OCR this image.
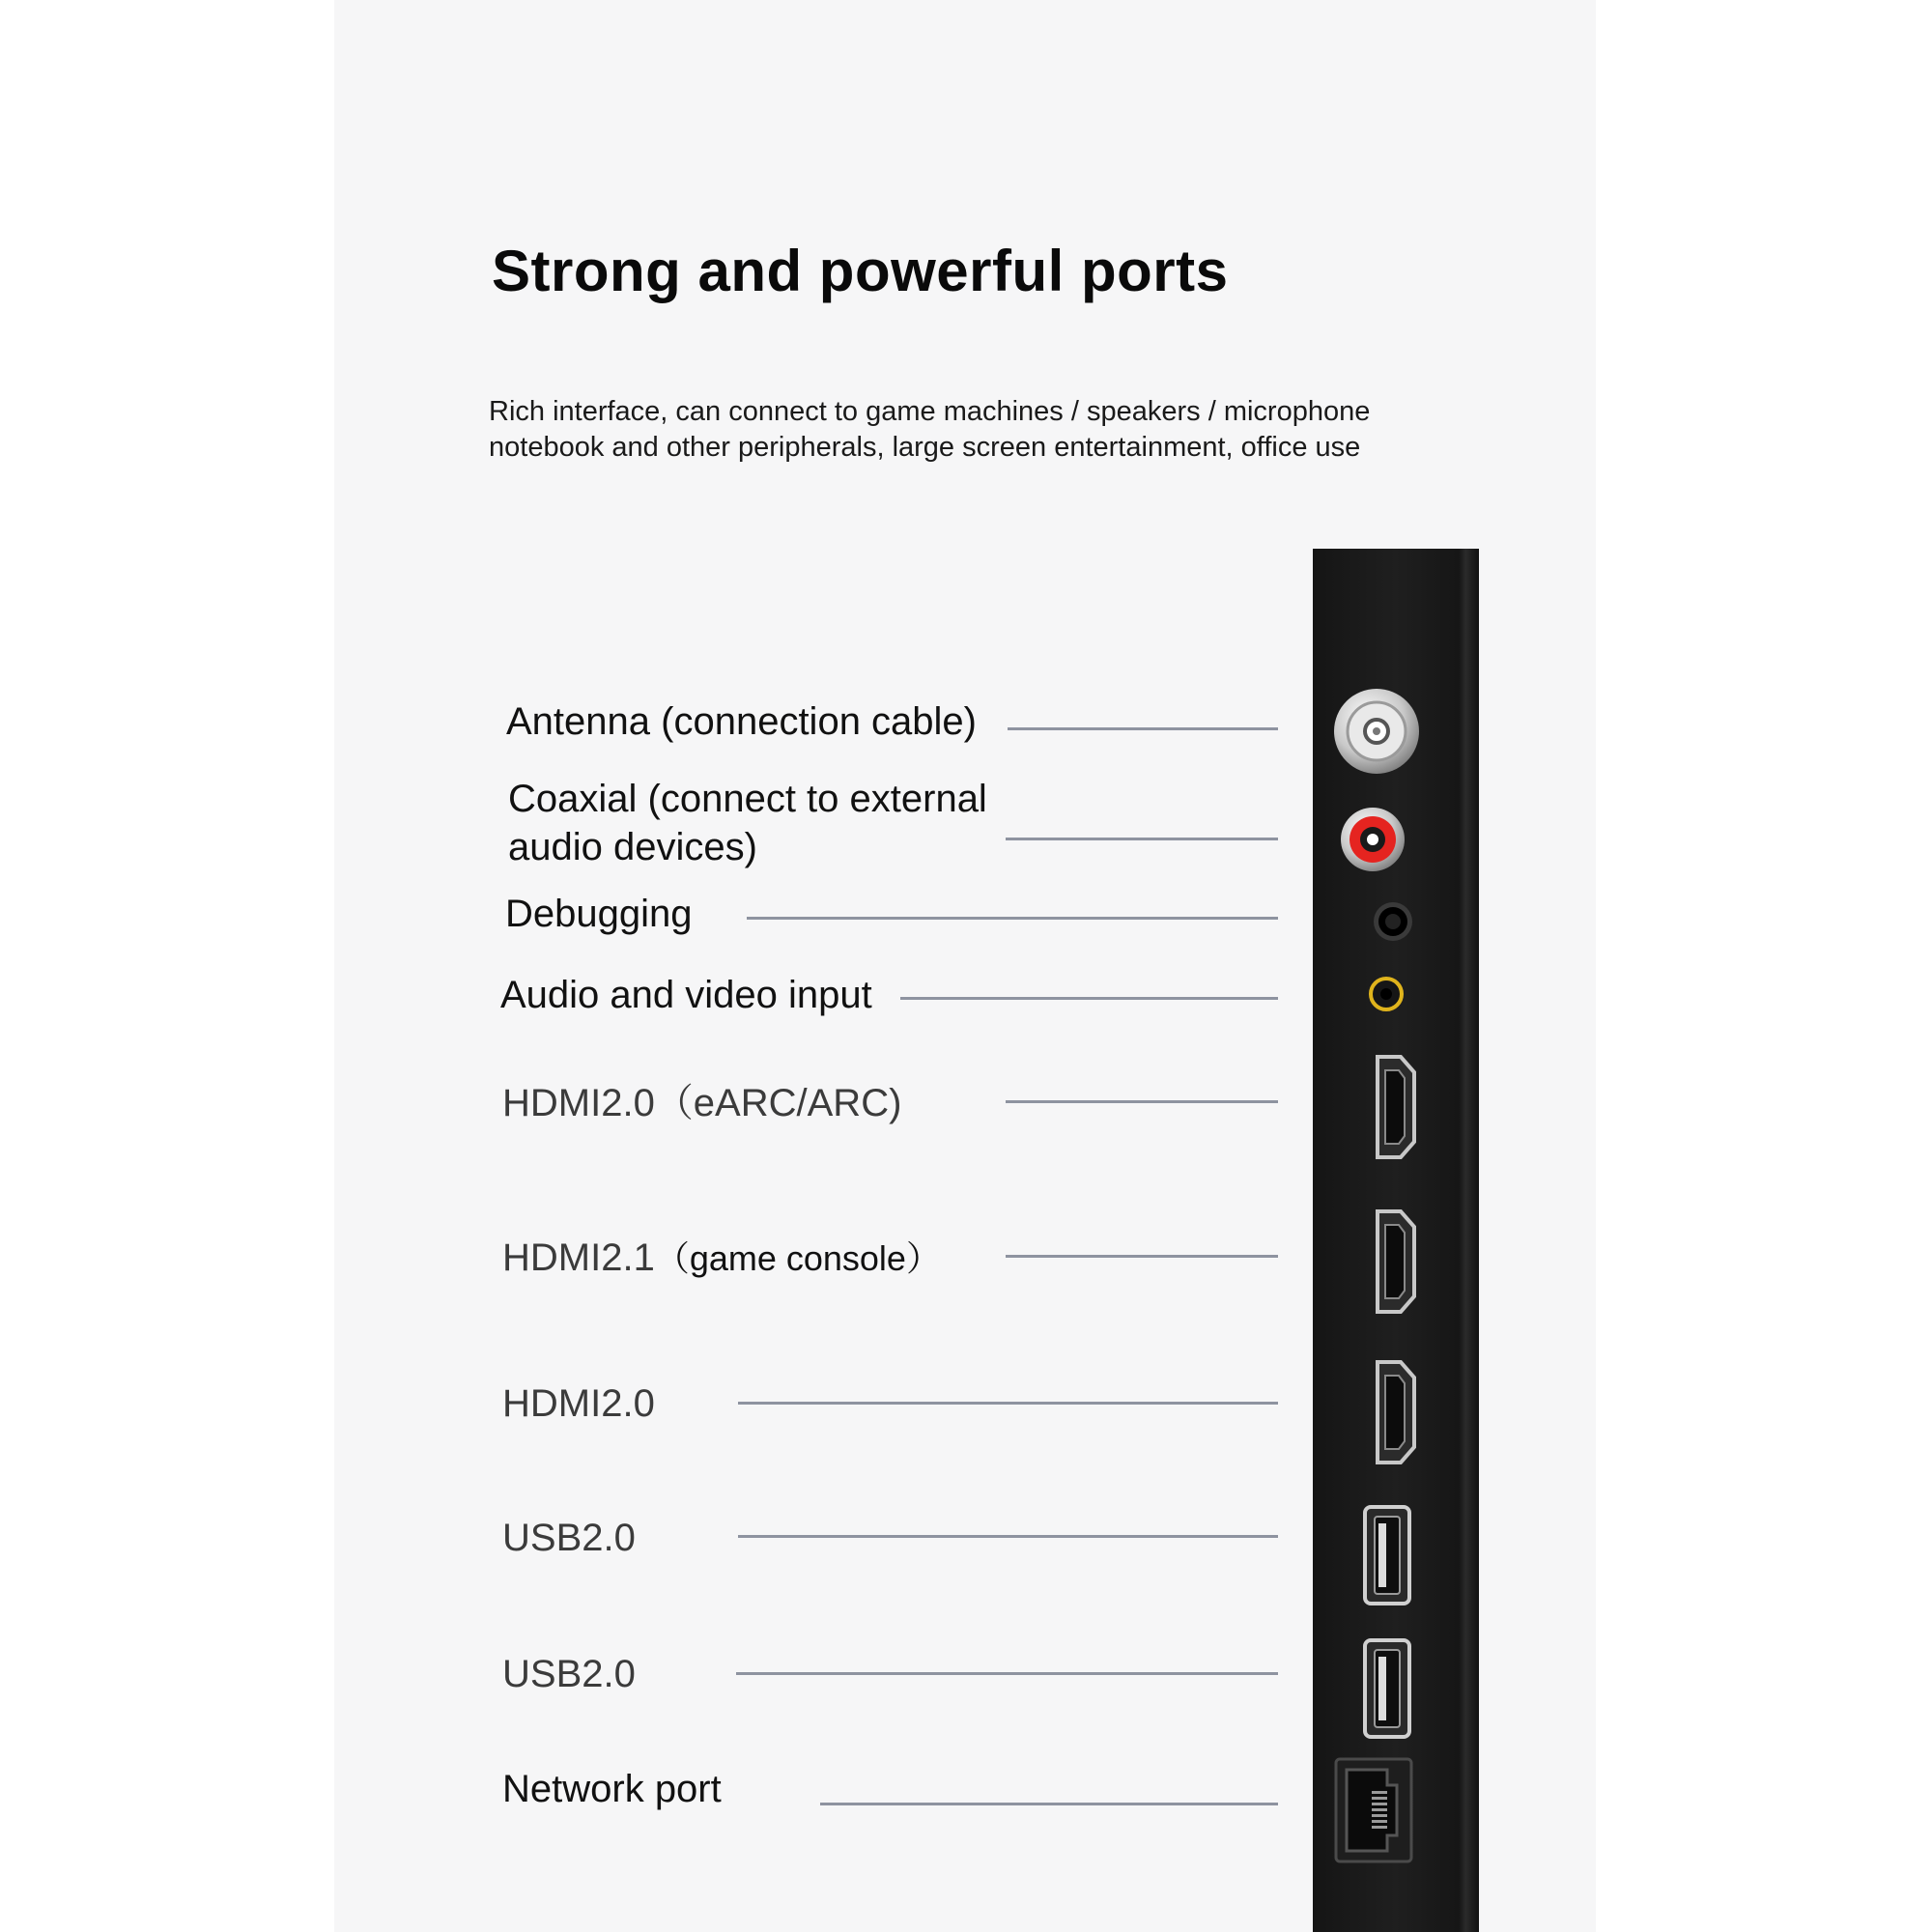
Strong and powerful ports

Rich interface, can connect to game machines / speakers / microphone
notebook and other peripherals, large screen entertainment, office use

Antenna (connection cable)
Coaxial (connect to external
audio devices)
Debugging
Audio and video input
HDMI2.0（eARC/ARC)
HDMI2.1（game console）
HDMI2.0
USB2.0
USB2.0
Network port
